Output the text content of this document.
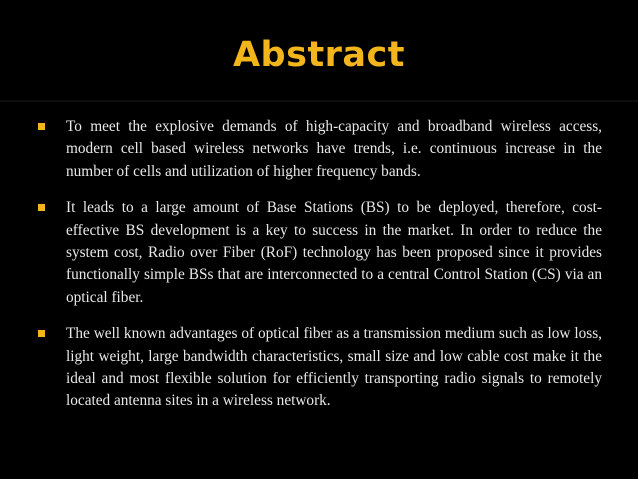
Abstract
To meet the explosive demands of high-capacity and broadband wireless access, modern cell based wireless networks have trends, i.e. continuous increase in the number of cells and utilization of higher frequency bands.
It leads to a large amount of Base Stations (BS) to be deployed, therefore, cost-effective BS development is a key to success in the market. In order to reduce the system cost, Radio over Fiber (RoF) technology has been proposed since it provides functionally simple BSs that are interconnected to a central Control Station (CS) via an optical fiber.
The well known advantages of optical fiber as a transmission medium such as low loss, light weight, large bandwidth characteristics, small size and low cable cost make it the ideal and most flexible solution for efficiently transporting radio signals to remotely located antenna sites in a wireless network.
